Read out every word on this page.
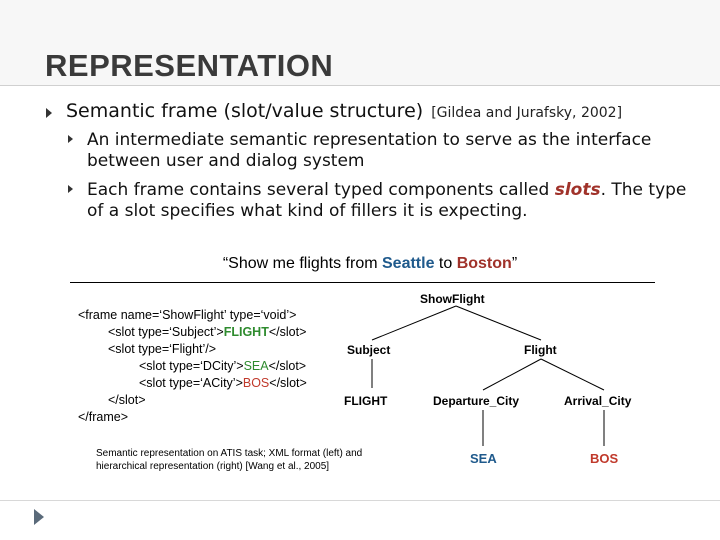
REPRESENTATION
Semantic frame (slot/value structure) [Gildea and Jurafsky, 2002]
An intermediate semantic representation to serve as the interface between user and dialog system
Each frame contains several typed components called slots. The type of a slot specifies what kind of fillers it is expecting.
“Show me flights from Seattle to Boston”
<frame name=‘ShowFlight’ type=‘void’>
<slot type=‘Subject’>FLIGHT</slot>
<slot type=‘Flight’/>
<slot type=‘DCity’>SEA</slot>
<slot type=‘ACity’>BOS</slot>
</slot>
</frame>
Semantic representation on ATIS task; XML format (left) and hierarchical representation (right) [Wang et al., 2005]
ShowFlight
Subject	Flight
FLIGHT	Departure_City	Arrival_City
SEA	BOS
